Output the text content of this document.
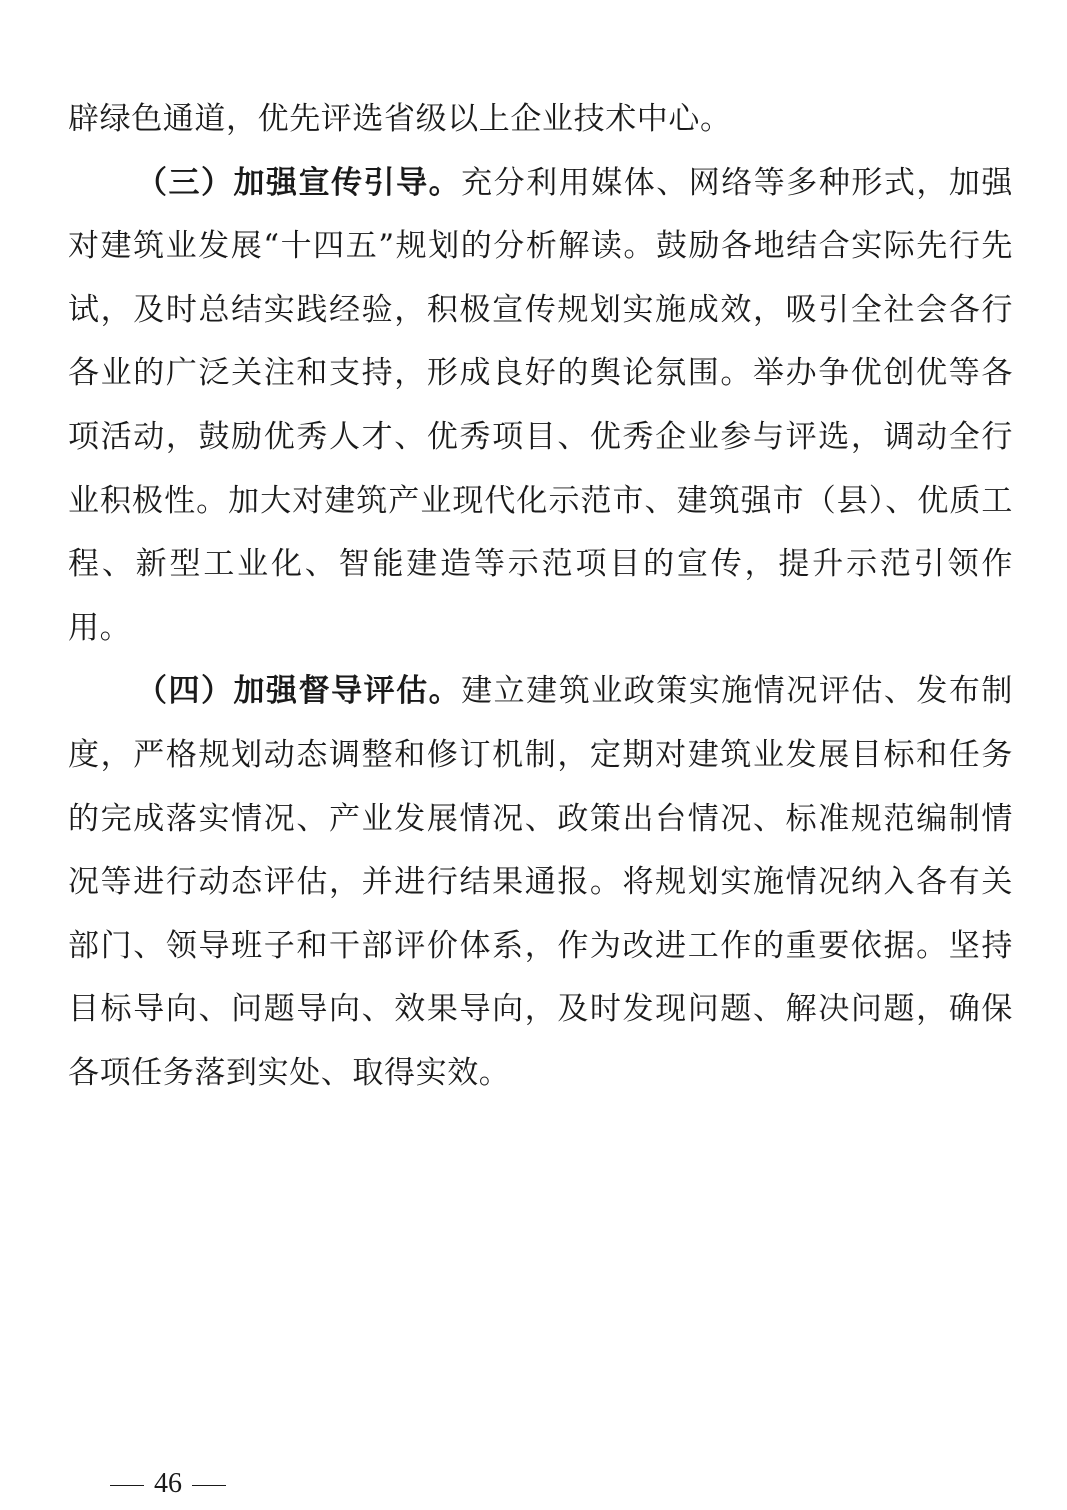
辟绿色通道，优先评选省级以上企业技术中心。

（三）加强宣传引导。充分利用媒体、网络等多种形式，加强对建筑业发展“十四五”规划的分析解读。鼓励各地结合实际先行先试，及时总结实践经验，积极宣传规划实施成效，吸引全社会各行各业的广泛关注和支持，形成良好的舆论氛围。举办争优创优等各项活动，鼓励优秀人才、优秀项目、优秀企业参与评选，调动全行业积极性。加大对建筑产业现代化示范市、建筑强市（县）、优质工程、新型工业化、智能建造等示范项目的宣传，提升示范引领作用。

（四）加强督导评估。建立建筑业政策实施情况评估、发布制度，严格规划动态调整和修订机制，定期对建筑业发展目标和任务的完成落实情况、产业发展情况、政策出台情况、标准规范编制情况等进行动态评估，并进行结果通报。将规划实施情况纳入各有关部门、领导班子和干部评价体系，作为改进工作的重要依据。坚持目标导向、问题导向、效果导向，及时发现问题、解决问题，确保各项任务落到实处、取得实效。

46
